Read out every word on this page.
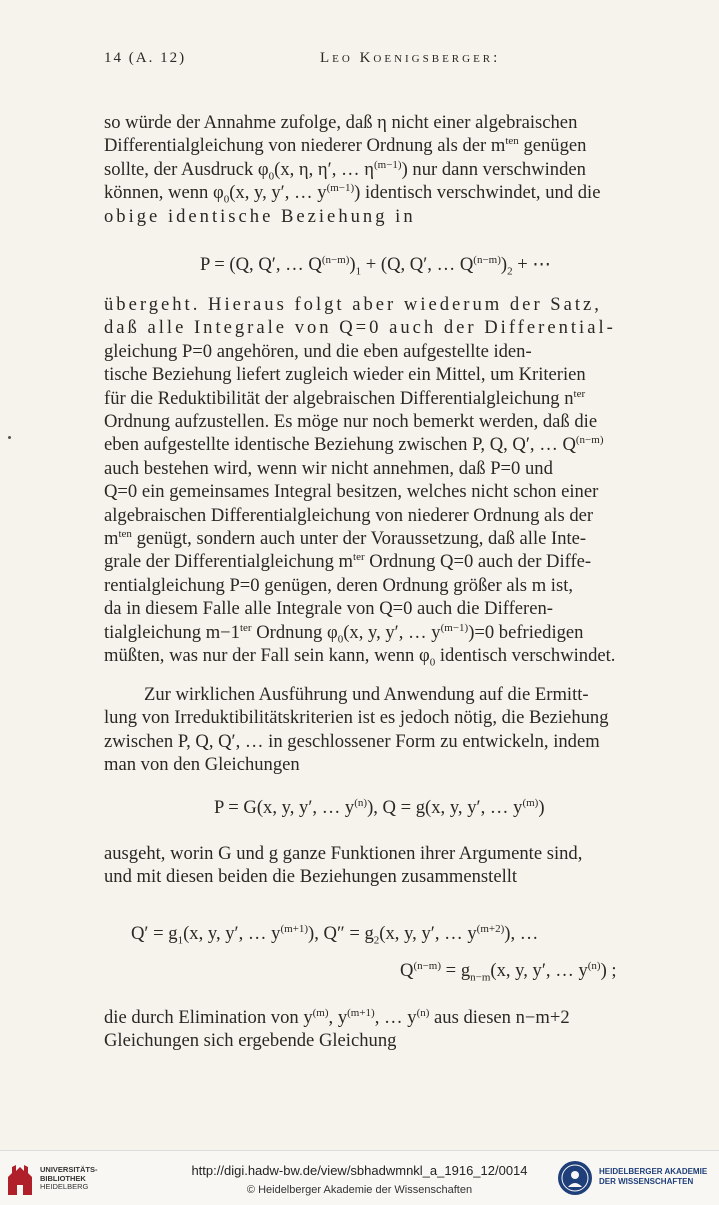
14 (A. 12)	Leo Koenigsberger:

so würde der Annahme zufolge, daß η nicht einer algebraischen

Differentialgleichung von niederer Ordnung als der $m^{ten}$ genügen

sollte, der Ausdruck $\varphi_0(x$, η, η′, … $\eta^{(m-1)}$) nur dann verschwinden

können, wenn $\varphi_0(x$, y, y′, … $y^{(m-1)}$) identisch verschwindet, und die

obige identische Beziehung in

P = (Q, Q′, … $Q^{(n-m)})_1 + (Q$, Q′, … $Q^{(n-m)})_2$ + ⋯

übergeht. Hieraus folgt aber wiederum der Satz,

daß alle Integrale von Q=0 auch der Differential-

gleichung P=0 angehören, und die eben aufgestellte iden-

tische Beziehung liefert zugleich wieder ein Mittel, um Kriterien

für die Reduktibilität der algebraischen Differentialgleichung $n^{ter}$

Ordnung aufzustellen. Es möge nur noch bemerkt werden, daß die

eben aufgestellte identische Beziehung zwischen P, Q, Q′, … $Q^{(n-m)}$

auch bestehen wird, wenn wir nicht annehmen, daß P=0 und

Q=0 ein gemeinsames Integral besitzen, welches nicht schon einer

algebraischen Differentialgleichung von niederer Ordnung als der

$m^{ten}$ genügt, sondern auch unter der Voraussetzung, daß alle Inte-

grale der Differentialgleichung $m^{ter}$ Ordnung Q=0 auch der Diffe-

rentialgleichung P=0 genügen, deren Ordnung größer als m ist,

da in diesem Falle alle Integrale von Q=0 auch die Differen-

tialgleichung $m-1^{ter}$ Ordnung $\varphi_0(x$, y, y′, … $y^{(m-1)})=0$ befriedigen

müßten, was nur der Fall sein kann, wenn $\varphi_0$ identisch verschwindet.

Zur wirklichen Ausführung und Anwendung auf die Ermitt-

lung von Irreduktibilitätskriterien ist es jedoch nötig, die Beziehung

zwischen P, Q, Q′, … in geschlossener Form zu entwickeln, indem

man von den Gleichungen

P = G(x, y, y′, … $y^{(n)}$), Q = g(x, y, y′, … $y^{(m)}$)

ausgeht, worin G und g ganze Funktionen ihrer Argumente sind,

und mit diesen beiden die Beziehungen zusammenstellt

$Q' = g_1(x$, y, y′, … $y^{(m+1)}$), $Q'' = g_2(x$, y, y′, … $y^{(m+2)}$), …
$Q^{(n-m)} = g_{n-m}(x$, y, y′, … $y^{(n)}$) ;

die durch Elimination von $y^{(m)}$, $y^{(m+1)}$, … $y^{(n)}$ aus diesen n−m+2

Gleichungen sich ergebende Gleichung

UNIVERSITÄTS-
BIBLIOTHEK
HEIDELBERG
http://digi.hadw-bw.de/view/sbhadwmnkl_a_1916_12/0014
© Heidelberger Akademie der Wissenschaften
HEIDELBERGER AKADEMIE
DER WISSENSCHAFTEN
